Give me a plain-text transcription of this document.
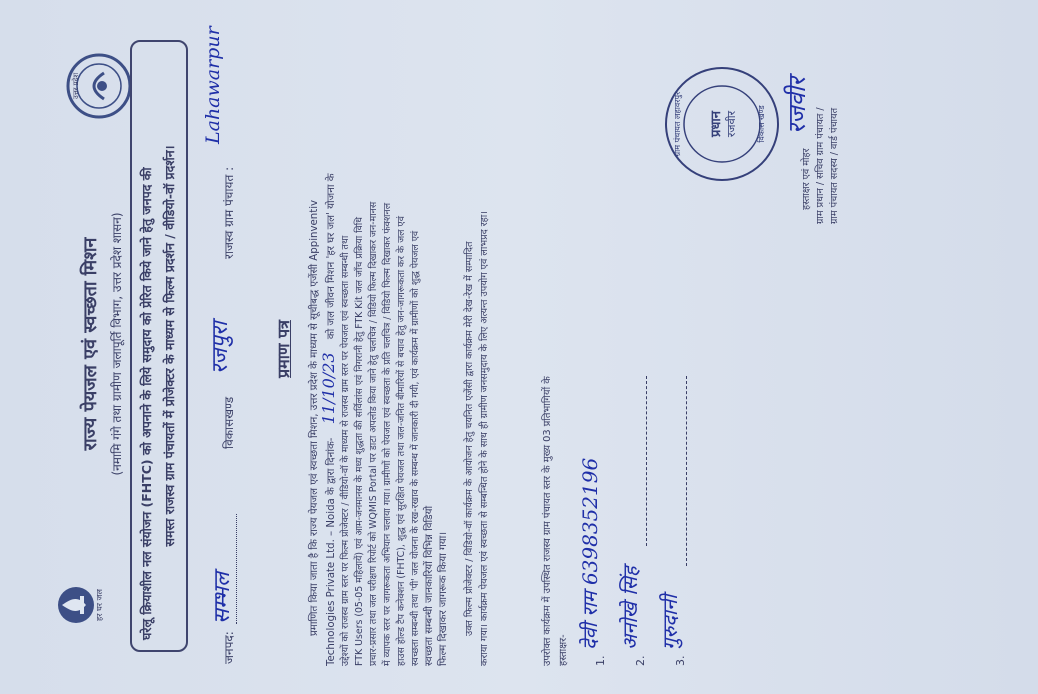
हर घर जल
उत्तर प्रदेश
राज्य पेयजल एवं स्वच्छता मिशन (नमामि गंगे तथा ग्रामीण जलापूर्ति विभाग, उत्तर प्रदेश शासन) घरेलू क्रियाशील नल संयोजन (FHTC) को अपनाने के लिये समुदाय को प्रेरित किये जाने हेतु जनपद की समस्त राजस्व ग्राम पंचायतों में प्रोजेक्टर के माध्यम से फिल्म प्रदर्शन / वीडियो-वॉ प्रदर्शन।
जनपद:
सम्भल
विकासखण्ड
रजपुरा
राजस्व ग्राम पंचायत :
Lahawarpur
प्रमाण पत्र प्रमाणित किया जाता है कि राज्य पेयजल एवं स्वच्छता मिशन, उत्तर प्रदेश के माध्यम से सूचीबद्ध एजेंसी Appinventiv Technologies Private Ltd. – Noida के द्वारा दिनांक- 11/10/23 को जल जीवन मिशन 'हर घर जल' योजना के उद्देश्यों को राजस्व ग्राम स्तर पर फिल्म प्रोजेक्टर / वीडियो-वॉ के माध्यम से राजस्व ग्राम स्तर पर पेयजल एवं स्वच्छता सम्बन्धी तथा FTK Users (05-05 महिलायें) एवं आम-जनमानस के मध्य शुद्धता की सर्विलांस एवं निगरानी हेतु FTK Kit जल जाँच प्रक्रिया विधि प्रचार-प्रसार तथा जल परीक्षण रिपोर्ट को WQMIS Portal पर डाटा अपलोड किया जाने हेतु चलचित्र / विडियो फिल्म दिखाकर जन-मानस में व्यापक स्तर पर जागरूकता अभियान चलाया गया। ग्रामीणों को पेयजल एवं स्वच्छता के प्रति चलचित्र / विडियो फिल्म दिखाकर फंक्शनल हाउस होल्ड टैप कनेक्शन (FHTC), शुद्ध एवं सुरक्षित पेयजल तथा जल-जनित बीमारियों से बचाव हेतु जन-जागरूकता कर के जल एवं स्वच्छता सम्बन्धी तथा 'पी' जल योजना के रख-रखाव के सम्बन्ध में जानकारी दी गयी, एवं कार्यक्रम में ग्रामीणों को शुद्ध पेयजल एवं स्वच्छता सम्बन्धी जानकारियों विभिन्न विडियो फिल्म दिखाकर जागरूक किया गया। उक्त फिल्म प्रोजेक्टर / विडियो-वॉ कार्यक्रम के आयोजन हेतु चयनित एजेंसी द्वारा कार्यक्रम मेरी देख-रेख में सम्पादित कराया गया। कार्यक्रम पेयजल एवं स्वच्छता से सम्बन्धित होने के साथ ही ग्रामीण जनसमुदाय के लिए अत्यन्त उपयोग एवं लाभप्रद रहा।	उपरोक्त कार्यक्रम में उपस्थित राजस्व ग्राम पंचायत स्तर के मुख्य 03 प्रतिभागियों के हस्ताक्षर- 1.
देवी राम 6398352196
2.
अनोखे सिंह
3.
गुरुदानी
ग्राम पंचायत लहावरपुर प्रधान रजवीर विकास खण्ड रजवीर
हस्ताक्षर एवं मोहर ग्राम प्रधान / सचिव ग्राम पंचायत / ग्राम पंचायत सदस्य / वार्ड पंचायत
